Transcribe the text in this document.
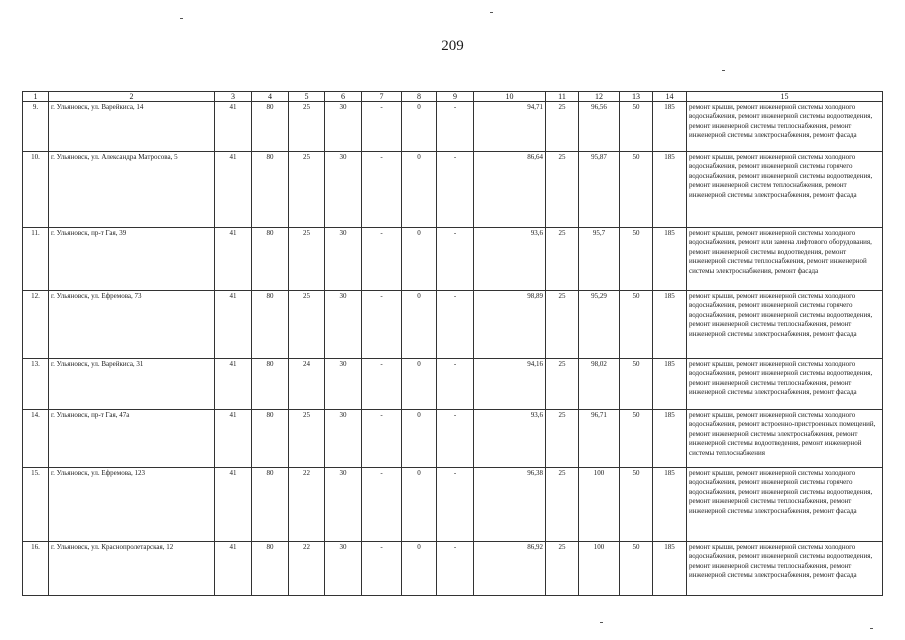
209
1	2	3	4	5	6	7	8	9	10	11	12	13	14	15
9.	г. Ульяновск, ул. Варейкиса, 14	41	80	25	30	-	0	-	94,71	25	96,56	50	185	ремонт крыши, ремонт инженерной системы холодного водоснабжения, ремонт инженерной системы водоотведения, ремонт инженерной системы теплоснабжения, ремонт инженерной системы электроснабжения, ремонт фасада
10.	г. Ульяновск, ул. Александра Матросова, 5	41	80	25	30	-	0	-	86,64	25	95,87	50	185	ремонт крыши, ремонт инженерной системы холодного водоснабжения, ремонт инженерной системы горячего водоснабжения, ремонт инженерной системы водоотведения, ремонт инженерной систем теплоснабжения, ремонт инженерной системы электроснабжения, ремонт фасада
11.	г. Ульяновск, пр-т Гая, 39	41	80	25	30	-	0	-	93,6	25	95,7	50	185	ремонт крыши, ремонт инженерной системы холодного водоснабжения, ремонт или замена лифтового оборудования, ремонт инженерной системы водоотведения, ремонт инженерной системы теплоснабжения, ремонт инженерной системы электроснабжения, ремонт фасада
12.	г. Ульяновск, ул. Ефремова, 73	41	80	25	30	-	0	-	98,89	25	95,29	50	185	ремонт крыши, ремонт инженерной системы холодного водоснабжения, ремонт инженерной системы горячего водоснабжения, ремонт инженерной системы водоотведения, ремонт инженерной системы теплоснабжения, ремонт инженерной системы электроснабжения, ремонт фасада
13.	г. Ульяновск, ул. Варейкиса, 31	41	80	24	30	-	0	-	94,16	25	98,02	50	185	ремонт крыши, ремонт инженерной системы холодного водоснабжения, ремонт инженерной системы водоотведения, ремонт инженерной системы теплоснабжения, ремонт инженерной системы электроснабжения, ремонт фасада
14.	г. Ульяновск, пр-т Гая, 47а	41	80	25	30	-	0	-	93,6	25	96,71	50	185	ремонт крыши, ремонт инженерной системы холодного водоснабжения, ремонт встроенно-пристроенных помещений, ремонт инженерной системы электроснабжения, ремонт инженерной системы водоотведения, ремонт инженерной системы теплоснабжения
15.	г. Ульяновск, ул. Ефремова, 123	41	80	22	30	-	0	-	96,38	25	100	50	185	ремонт крыши, ремонт инженерной системы холодного водоснабжения, ремонт инженерной системы горячего водоснабжения, ремонт инженерной системы водоотведения, ремонт инженерной системы теплоснабжения, ремонт инженерной системы электроснабжения, ремонт фасада
16.	г. Ульяновск, ул. Краснопролетарская, 12	41	80	22	30	-	0	-	86,92	25	100	50	185	ремонт крыши, ремонт инженерной системы холодного водоснабжения, ремонт инженерной системы водоотведения, ремонт инженерной системы теплоснабжения, ремонт инженерной системы электроснабжения, ремонт фасада
